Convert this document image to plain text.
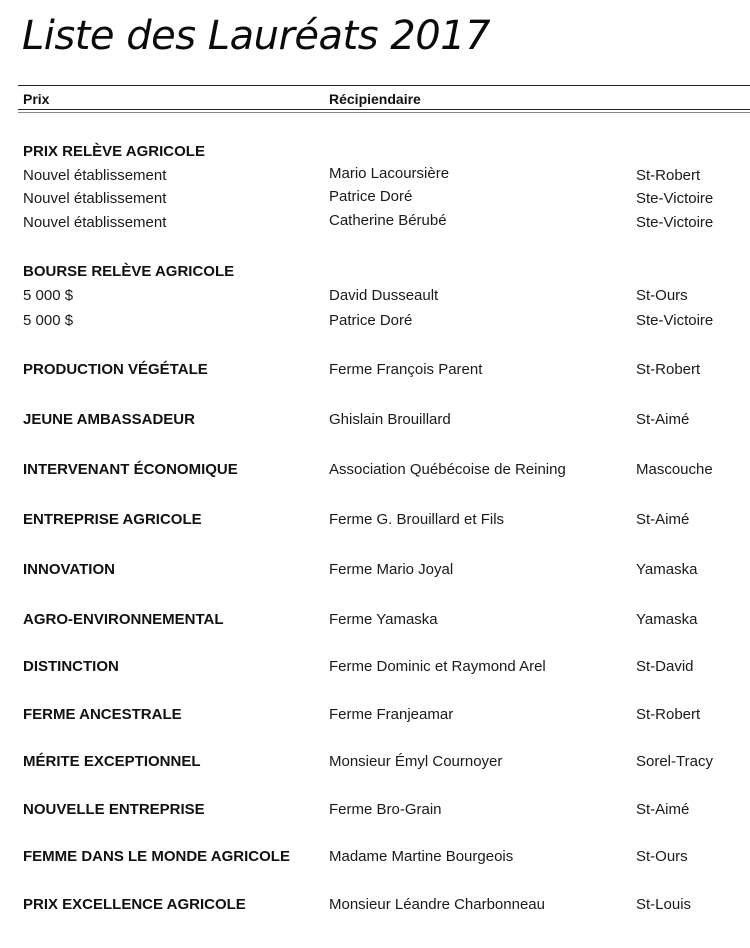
Liste des Lauréats 2017
Prix	Récipiendaire
PRIX RELÈVE AGRICOLE
Nouvel établissement	Mario Lacoursière	St-Robert
Nouvel établissement	Patrice Doré	Ste-Victoire
Nouvel établissement	Catherine Bérubé	Ste-Victoire
BOURSE RELÈVE AGRICOLE
5 000 $	David Dusseault	St-Ours
5 000 $	Patrice Doré	Ste-Victoire
PRODUCTION VÉGÉTALE	Ferme François Parent	St-Robert
JEUNE AMBASSADEUR	Ghislain Brouillard	St-Aimé
INTERVENANT ÉCONOMIQUE	Association Québécoise de Reining	Mascouche
ENTREPRISE AGRICOLE	Ferme G. Brouillard et Fils	St-Aimé
INNOVATION	Ferme Mario Joyal	Yamaska
AGRO-ENVIRONNEMENTAL	Ferme Yamaska	Yamaska
DISTINCTION	Ferme Dominic et Raymond Arel	St-David
FERME ANCESTRALE	Ferme Franjeamar	St-Robert
MÉRITE EXCEPTIONNEL	Monsieur Émyl Cournoyer	Sorel-Tracy
NOUVELLE ENTREPRISE	Ferme Bro-Grain	St-Aimé
FEMME DANS LE MONDE AGRICOLE	Madame Martine Bourgeois	St-Ours
PRIX EXCELLENCE AGRICOLE	Monsieur Léandre Charbonneau	St-Louis
